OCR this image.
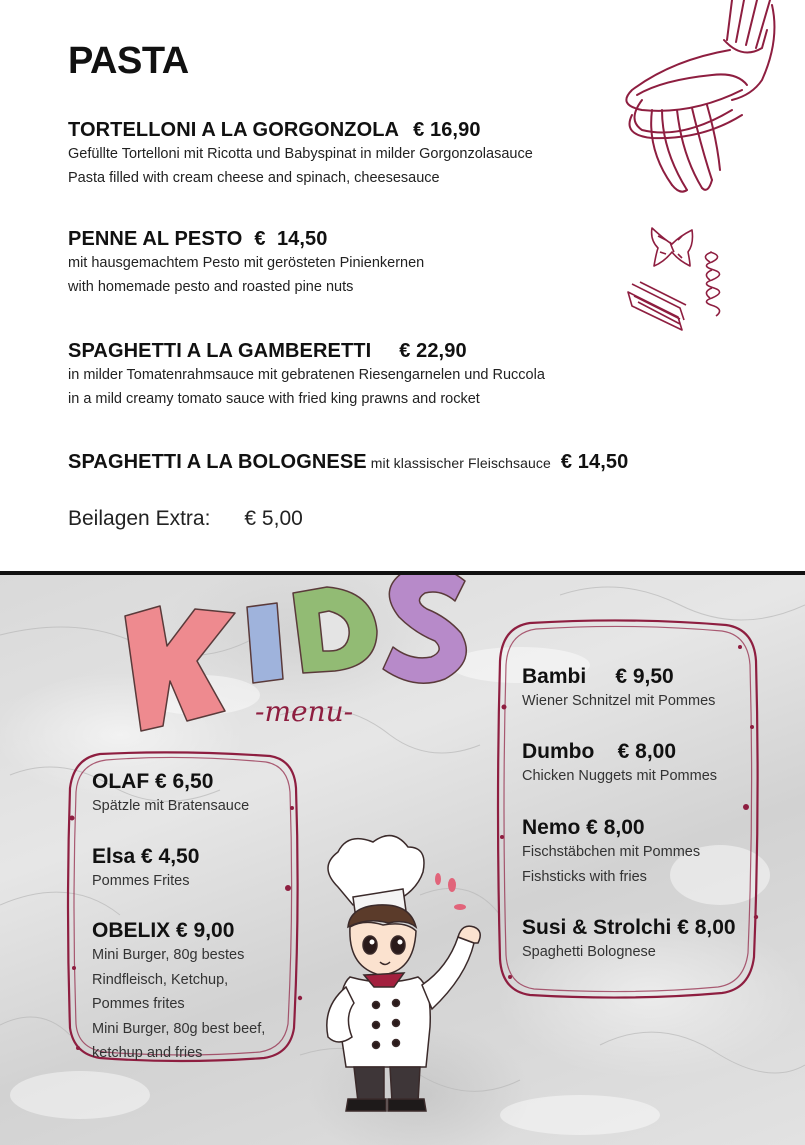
PASTA
TORTELLONI A LA GORGONZOLA € 16,90
Gefüllte Tortelloni mit Ricotta und Babyspinat in milder Gorgonzolasauce
Pasta filled with cream cheese and spinach, cheesesauce
PENNE AL PESTO €  14,50
mit hausgemachtem Pesto mit gerösteten Pinienkernen
with homemade pesto and roasted pine nuts
SPAGHETTI A LA GAMBERETTI € 22,90
in milder Tomatenrahmsauce mit gebratenen Riesengarnelen und Ruccola
in a mild creamy tomato sauce with fried king prawns and rocket
SPAGHETTI A LA BOLOGNESE mit klassischer Fleischsauce € 14,50
Beilagen Extra: € 5,00
-menu-
OLAF € 6,50
Spätzle mit Bratensauce
Elsa € 4,50
Pommes Frites
OBELIX € 9,00
Mini Burger, 80g bestes
Rindfleisch, Ketchup,
Pommes frites
Mini Burger, 80g best beef,
ketchup and fries
Bambi     € 9,50
Wiener Schnitzel mit Pommes
Dumbo    € 8,00
Chicken Nuggets mit Pommes
Nemo € 8,00
Fischstäbchen mit Pommes
Fishsticks with fries
Susi & Strolchi € 8,00
Spaghetti Bolognese
